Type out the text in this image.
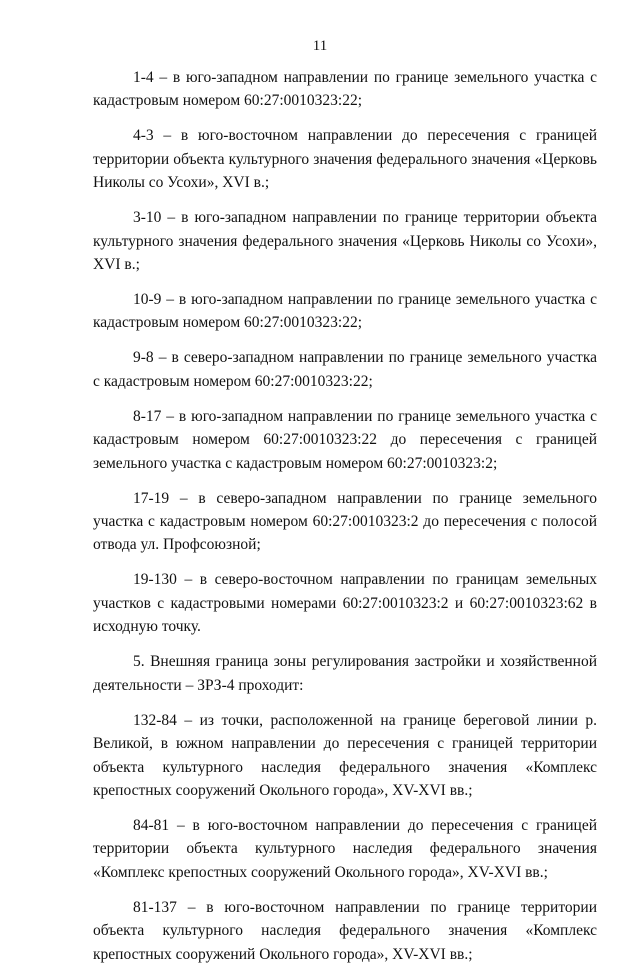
11

1-4 – в юго-западном направлении по границе земельного участка с кадастровым номером 60:27:0010323:22;

4-3 – в юго-восточном направлении до пересечения с границей территории объекта культурного значения федерального значения «Церковь Николы со Усохи», XVI в.;

3-10 – в юго-западном направлении по границе территории объекта культурного значения федерального значения «Церковь Николы со Усохи», XVI в.;

10-9 – в юго-западном направлении по границе земельного участка с кадастровым номером 60:27:0010323:22;

9-8 – в северо-западном направлении по границе земельного участка с кадастровым номером 60:27:0010323:22;

8-17 – в юго-западном направлении по границе земельного участка с кадастровым номером 60:27:0010323:22 до пересечения с границей земельного участка с кадастровым номером 60:27:0010323:2;

17-19 – в северо-западном направлении по границе земельного участка с кадастровым номером 60:27:0010323:2 до пересечения с полосой отвода ул. Профсоюзной;

19-130 – в северо-восточном направлении по границам земельных участков с кадастровыми номерами 60:27:0010323:2 и 60:27:0010323:62 в исходную точку.

5. Внешняя граница зоны регулирования застройки и хозяйственной деятельности – ЗРЗ-4 проходит:

132-84 – из точки, расположенной на границе береговой линии р. Великой, в южном направлении до пересечения с границей территории объекта культурного наследия федерального значения «Комплекс крепостных сооружений Окольного города», XV-XVI вв.;

84-81 – в юго-восточном направлении до пересечения с границей территории объекта культурного наследия федерального значения «Комплекс крепостных сооружений Окольного города», XV-XVI вв.;

81-137 – в юго-восточном направлении по границе территории объекта культурного наследия федерального значения «Комплекс крепостных сооружений Окольного города», XV-XVI вв.;
